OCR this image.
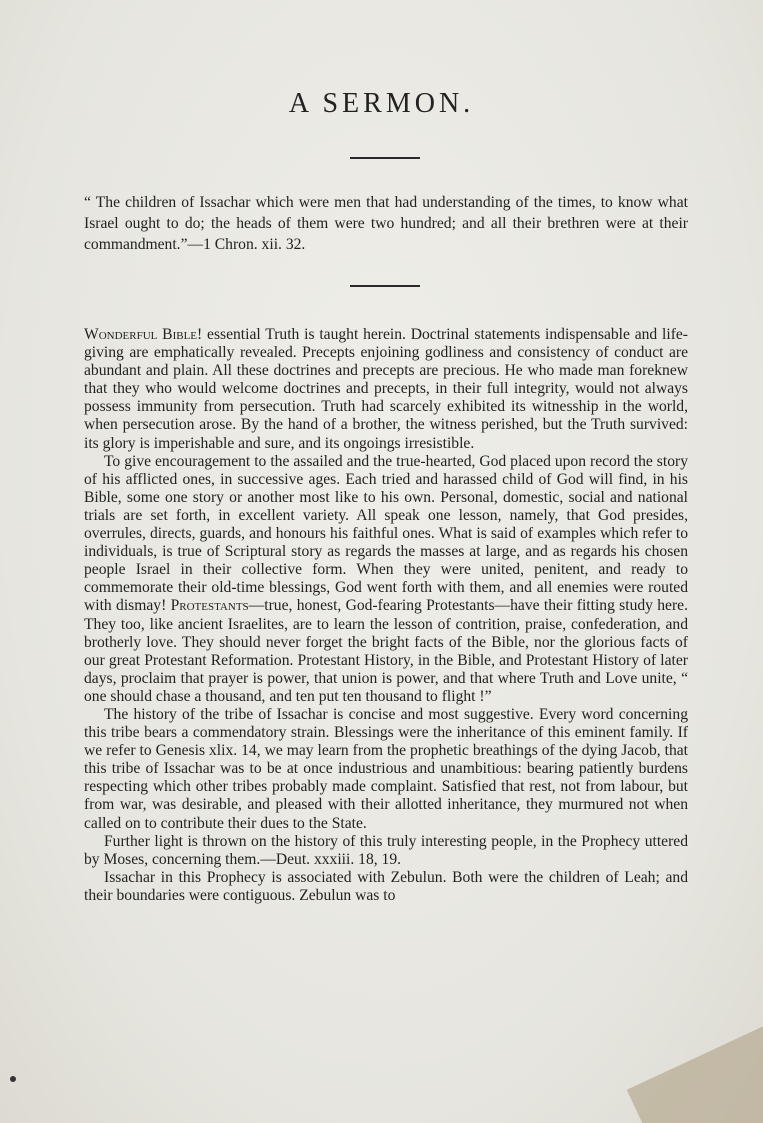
A SERMON.

“ The children of Issachar which were men that had understanding of the times, to know what Israel ought to do; the heads of them were two hundred; and all their brethren were at their commandment.”—1 Chron. xii. 32.

Wonderful Bible! essential Truth is taught herein. Doctrinal statements indispensable and life-giving are emphatically revealed. Precepts enjoining godliness and consistency of conduct are abundant and plain. All these doctrines and precepts are precious. He who made man foreknew that they who would welcome doctrines and precepts, in their full integrity, would not always possess immunity from persecution. Truth had scarcely exhibited its witnesship in the world, when persecution arose. By the hand of a brother, the witness perished, but the Truth survived: its glory is imperishable and sure, and its ongoings irresistible.

To give encouragement to the assailed and the true-hearted, God placed upon record the story of his afflicted ones, in successive ages. Each tried and harassed child of God will find, in his Bible, some one story or another most like to his own. Personal, domestic, social and national trials are set forth, in excellent variety. All speak one lesson, namely, that God presides, overrules, directs, guards, and honours his faithful ones. What is said of examples which refer to individuals, is true of Scriptural story as regards the masses at large, and as regards his chosen people Israel in their collective form. When they were united, penitent, and ready to commemorate their old-time blessings, God went forth with them, and all enemies were routed with dismay! Protestants—true, honest, God-fearing Protestants—have their fitting study here. They too, like ancient Israelites, are to learn the lesson of contrition, praise, confederation, and brotherly love. They should never forget the bright facts of the Bible, nor the glorious facts of our great Protestant Reformation. Protestant History, in the Bible, and Protestant History of later days, proclaim that prayer is power, that union is power, and that where Truth and Love unite, “ one should chase a thousand, and ten put ten thousand to flight !”

The history of the tribe of Issachar is concise and most suggestive. Every word concerning this tribe bears a commendatory strain. Blessings were the inheritance of this eminent family. If we refer to Genesis xlix. 14, we may learn from the prophetic breathings of the dying Jacob, that this tribe of Issachar was to be at once industrious and unambitious: bearing patiently burdens respecting which other tribes probably made complaint. Satisfied that rest, not from labour, but from war, was desirable, and pleased with their allotted inheritance, they murmured not when called on to contribute their dues to the State.

Further light is thrown on the history of this truly interesting people, in the Prophecy uttered by Moses, concerning them.—Deut. xxxiii. 18, 19.

Issachar in this Prophecy is associated with Zebulun. Both were the children of Leah; and their boundaries were contiguous. Zebulun was to
